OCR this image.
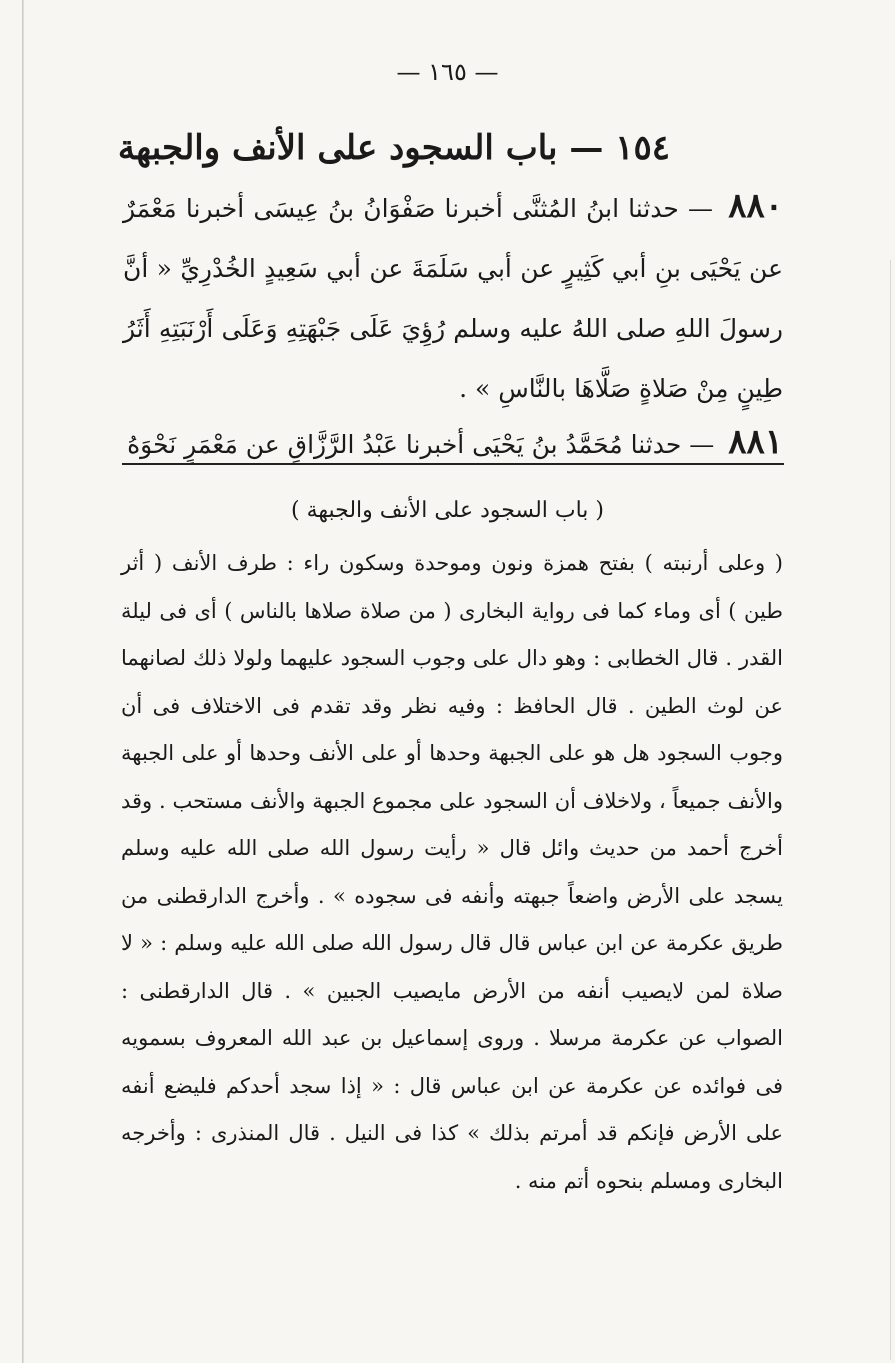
— ١٦٥ —
١٥٤ — باب السجود على الأنف والجبهة
٨٨٠ — حدثنا ابنُ المُثنَّى أخبرنا صَفْوَانُ بنُ عِيسَى أخبرنا مَعْمَرٌ عن يَحْيَى بنِ أبي كَثِيرٍ عن أبي سَلَمَةَ عن أبي سَعِيدٍ الخُدْرِيِّ « أنَّ رسولَ اللهِ صلى اللهُ عليه وسلم رُؤِيَ عَلَى جَبْهَتِهِ وَعَلَى أَرْنَبَتِهِ أَثَرُ طِينٍ مِنْ صَلاةٍ صَلَّاهَا بالنَّاسِ » .
٨٨١ — حدثنا مُحَمَّدُ بنُ يَحْيَى أخبرنا عَبْدُ الرَّزَّاقِ عن مَعْمَرٍ نَحْوَهُ
( باب السجود على الأنف والجبهة )
( وعلى أرنبته ) بفتح همزة ونون وموحدة وسكون راء : طرف الأنف ( أثر طين ) أى وماء كما فى رواية البخارى ( من صلاة صلاها بالناس ) أى فى ليلة القدر . قال الخطابى : وهو دال على وجوب السجود عليهما ولولا ذلك لصانهما عن لوث الطين . قال الحافظ : وفيه نظر وقد تقدم فى الاختلاف فى أن وجوب السجود هل هو على الجبهة وحدها أو على الأنف وحدها أو على الجبهة والأنف جميعاً ، ولاخلاف أن السجود على مجموع الجبهة والأنف مستحب . وقد أخرج أحمد من حديث وائل قال « رأيت رسول الله صلى الله عليه وسلم يسجد على الأرض واضعاً جبهته وأنفه فى سجوده » . وأخرج الدارقطنى من طريق عكرمة عن ابن عباس قال قال رسول الله صلى الله عليه وسلم : « لا صلاة لمن لايصيب أنفه من الأرض مايصيب الجبين » . قال الدارقطنى : الصواب عن عكرمة مرسلا . وروى إسماعيل بن عبد الله المعروف بسمويه فى فوائده عن عكرمة عن ابن عباس قال : « إذا سجد أحدكم فليضع أنفه على الأرض فإنكم قد أمرتم بذلك » كذا فى النيل . قال المنذرى : وأخرجه البخارى ومسلم بنحوه أتم منه .
